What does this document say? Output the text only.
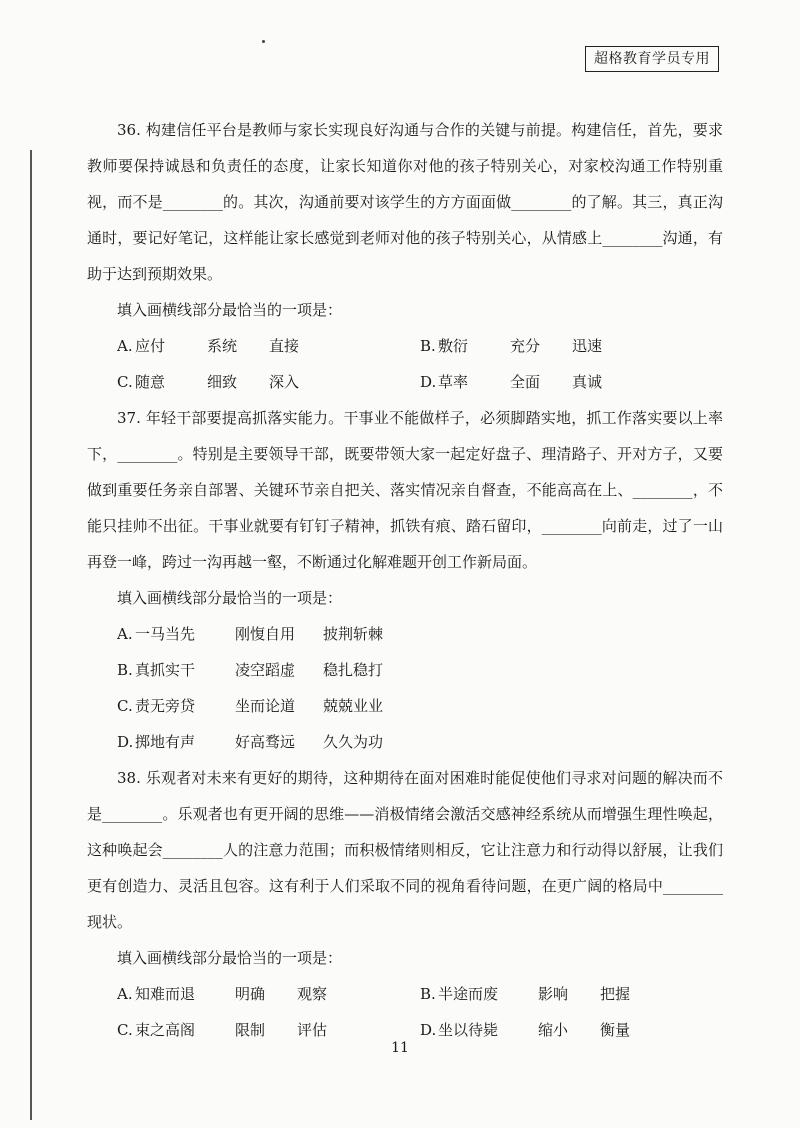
超格教育学员专用

36. 构建信任平台是教师与家长实现良好沟通与合作的关键与前提。构建信任，首先，要求教师要保持诚恳和负责任的态度，让家长知道你对他的孩子特别关心，对家校沟通工作特别重视，而不是________的。其次，沟通前要对该学生的方方面面做________的了解。其三，真正沟通时，要记好笔记，这样能让家长感觉到老师对他的孩子特别关心，从情感上________沟通，有助于达到预期效果。

填入画横线部分最恰当的一项是：

A. 应付	系统	直接	B. 敷衍	充分	迅速
C. 随意	细致	深入	D. 草率	全面	真诚

37. 年轻干部要提高抓落实能力。干事业不能做样子，必须脚踏实地，抓工作落实要以上率下，________。特别是主要领导干部，既要带领大家一起定好盘子、理清路子、开对方子，又要做到重要任务亲自部署、关键环节亲自把关、落实情况亲自督查，不能高高在上、________，不能只挂帅不出征。干事业就要有钉钉子精神，抓铁有痕、踏石留印，________向前走，过了一山再登一峰，跨过一沟再越一壑，不断通过化解难题开创工作新局面。

填入画横线部分最恰当的一项是：

A. 一马当先	刚愎自用	披荆斩棘
B. 真抓实干	凌空蹈虚	稳扎稳打
C. 责无旁贷	坐而论道	兢兢业业
D. 掷地有声	好高骛远	久久为功

38. 乐观者对未来有更好的期待，这种期待在面对困难时能促使他们寻求对问题的解决而不是________。乐观者也有更开阔的思维——消极情绪会激活交感神经系统从而增强生理性唤起，这种唤起会________人的注意力范围；而积极情绪则相反，它让注意力和行动得以舒展，让我们更有创造力、灵活且包容。这有利于人们采取不同的视角看待问题，在更广阔的格局中________现状。

填入画横线部分最恰当的一项是：

A. 知难而退	明确	观察	B. 半途而废	影响	把握
C. 束之高阁	限制	评估	D. 坐以待毙	缩小	衡量
11
